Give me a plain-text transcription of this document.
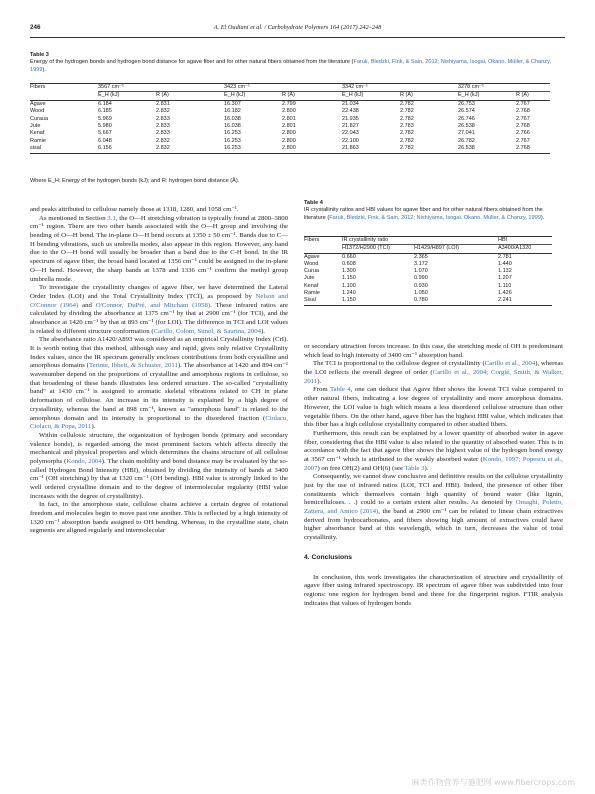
246	A. El Oudiani et al. / Carbohydrate Polymers 164 (2017) 242–248
Table 3
Energy of the hydrogen bonds and hydrogen bond distance for agave fiber and for other natural fibers obtained from the literature (Faruk, Bledzki, Fink, & Sain, 2012; Nishiyama, Isogai, Okano, Müller, & Chanzy, 1999).
Fibers	3567 cm⁻¹		3423 cm⁻¹		3342 cm⁻¹		3278 cm⁻¹		
	E_H (kJ)	R (Å)	E_H (kJ)	R (Å)	E_H (kJ)	R (Å)	E_H (kJ)	R (Å)	
Agave	6.184	2.831	16.307	2.799	21.034	2.782	26.753	2.767	
Wood	6.185	2.832	16.182	2.800	22.438	2.782	26.574	2.768	
Curaua	5.969	2.833	16.038	2.801	21.935	2.782	26.746	2.767	
Jute	5.980	2.833	16.038	2.801	21.827	2.783	26.538	2.768	
Kenaf	5.667	2.833	16.253	2.800	22.043	2.782	27.041	2.766	
Ramie	6.048	2.832	16.253	2.800	22.100	2.782	26.782	2.767	
sisal	6.156	2.832	16.253	2.800	21.863	2.782	26.538	2.768	
Where E_H: Energy of the hydrogen bonds (kJ); and R: hydrogen bond distance (Å).
Table 4
IR crystallinity ratios and HBI values for agave fiber and for other natural fibers obtained from the literature (Faruk, Bledzki, Fink, & Sain, 2012; Nishiyama, Isogai, Okano, Müller, & Chanzy, 1999).
Fibers	IR crystallinity ratio		HBI
	H1372/H2900 (TCI)	H1429/H897 (LOI)	A3400/A1320
Agave	0.660	2.365	2.781
Wood	0.608	3.172	1.440
Curua	1.300	1.070	1.132
Jute	1.150	0.990	1.207
Kenaf	1.100	0.930	1.110
Ramie	1.240	1.050	1.426
Sisal	1.150	0.780	2.241

and peaks attributed to cellulose namely those at 1318, 1280, and 1058 cm⁻¹.

As mentioned in Section 3.1, the O—H stretching vibration is typically found at 2800–3800 cm⁻¹ region. There are two other bands associated with the O—H group and involving the bending of O—H bond. The in-plane O—H bend occurs at 1350 ± 50 cm⁻¹. Bands due to C—H bending vibrations, such us umbrella modes, also appear in this region. However, any band due to the O—H bond will usually be broader than a band due to the C-H bond. In the IR spectrum of agave fiber, the broad band located at 1356 cm⁻¹ could be assigned to the in-plane O—H bend. However, the sharp bands at 1378 and 1336 cm⁻¹ confirm the methyl group umbrella mode.

To investigate the crystallinity changes of agave fiber, we have determined the Lateral Order Index (LOI) and the Total Crystallinity Index (TCI), as proposed by Nelson and O'Connor (1964) and O'Connor, DuPré, and Mitcham (1958). These infrared ratios are calculated by dividing the absorbance at 1375 cm⁻¹ by that at 2900 cm⁻¹ (for TCI), and the absorbance at 1420 cm⁻¹ by that at 893 cm⁻¹ (for LOI). The difference in TCI and LOI values is related to different structure conformation (Carillo, Colom, Sunol, & Saurina, 2004).

The absorbance ratio A1420/A893 was considered as an empirical Crystallinity Index (CrI). It is worth noting that this method, although easy and rapid, gives only relative Crystallinity Index values, since the IR spectrum generally encloses contributions from both crystalline and amorphous domains (Terinte, Ibbett, & Schuster, 2011). The absorbance at 1420 and 894 cm⁻¹ wavenumber depend on the proportions of crystalline and amorphous regions in cellulose, so that broadening of these bands illustrates less ordered structure. The so-called "crystallinity band" at 1430 cm⁻¹ is assigned to aromatic skeletal vibrations related to CH in plane deformation of cellulose. An increase in its intensity is explained by a high degree of crystallinity, whereas the band at 898 cm⁻¹, known as "amorphous band" is related to the amorphous domain and its intensity is proportional to the disordered fraction (Ciolacu, Ciolacu, & Popa, 2011).

Within cellulosic structure, the organization of hydrogen bonds (primary and secondary valence bonds), is regarded among the most prominent factors which affects directly the mechanical and physical properties and which determines the chains structure of all cellulose polymorphs (Kondo, 2004). The chain mobility and bond distance may be evaluated by the so-called Hydrogen Bond Intensity (HBI), obtained by dividing the intensity of bands at 3400 cm⁻¹ (OH stretching) by that at 1320 cm⁻¹ (OH bending). HBI value is strongly linked to the well ordered crystalline domain and to the degree of intermolecular regularity (HBI value increases with the degree of crystallinity).

In fact, in the amorphous state, cellulose chains achieve a certain degree of rotational freedom and molecules begin to move past one another. This is reflected by a high intensity of 1320 cm⁻¹ absorption bands assigned to OH bending. Whereas, in the crystalline state, chain segments are aligned regularly and intermolecular

or secondary attraction forces increase. In this case, the stretching mode of OH is predominant which lead to high intensity of 3400 cm⁻¹ absorption band.

The TCI is proportional to the cellulose degree of crystallinity (Carillo et al., 2004), whereas the LOI reflects the overall degree of order (Carillo et al., 2004; Corgié, Smith, & Walker, 2011).

From Table 4, one can deduce that Agave fiber shows the lowest TCI value compared to other natural fibers, indicating a low degree of crystallinity and more amorphous domains. However, the LOI value is high which means a less disordered cellulose structure than other vegetable fibers. On the other hand, agave fiber has the highest HBI value, which indicates that this fiber has a high cellulose crystallinity compared to other studied fibers.

Furthermore, this result can be explained by a lower quantity of absorbed water in agave fiber, considering that the HBI value is also related to the quantity of absorbed water. This is in accordance with the fact that agave fiber shows the highest value of the hydrogen bond energy at 3567 cm⁻¹ which is attributed to the weakly absorbed water (Kondo, 1997; Popescu et al., 2007) on free OH(2) and OH(6) (see Table 3).

Consequently, we cannot draw conclusive and definitive results on the cellulose crystallinity just by the use of infrared ratios (LOI, TCI and HBI). Indeed, the presence of other fiber constituents which themselves contain high quantity of bound water (like lignin, hemicelluloses. . .) could to a certain extent alter results. As denoted by Omaghi, Poletto, Zattera, and Amico (2014), the band at 2900 cm⁻¹ can be related to linear chain extractives derived from hydrocarbonates, and fibers showing high amount of extractives could have higher absorbance band at this wavelength, which in turn, decreases the value of total crystallinity.

4. Conclusions

In conclusion, this work investigates the characterization of structure and crystallinity of agave fiber using infrared spectroscopy. IR spectrum of agave fiber was subdivided into four regions: one region for hydrogen bond and three for the fingerprint region. FTIR analysis indicates that values of hydrogen bonds

麻类作物营养与施肥网 www.fibercrops.com
